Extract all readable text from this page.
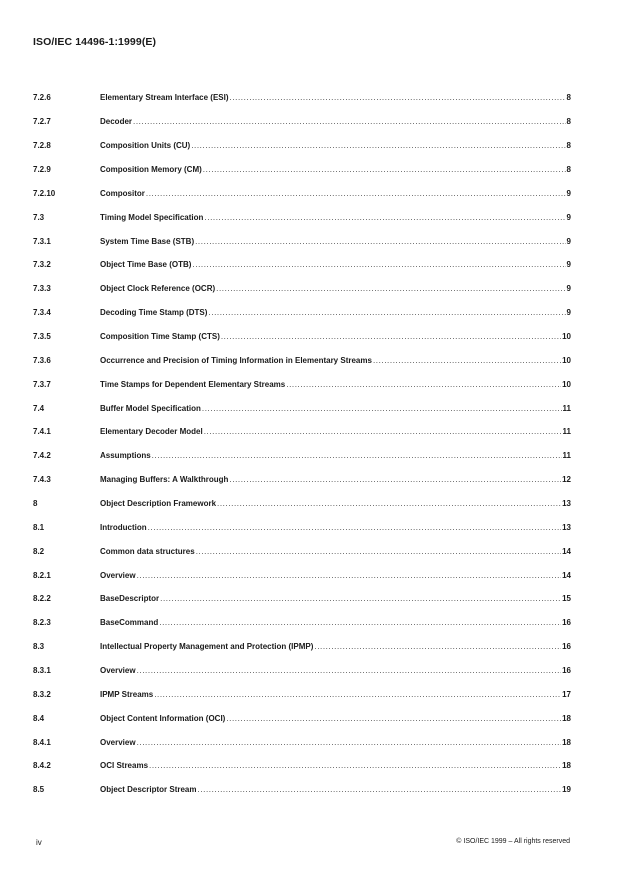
ISO/IEC 14496-1:1999(E)
7.2.6	Elementary Stream Interface (ESI) .....	8
7.2.7	Decoder .....	8
7.2.8	Composition Units (CU) .....	8
7.2.9	Composition Memory (CM) .....	8
7.2.10	Compositor .....	9
7.3	Timing Model Specification .....	9
7.3.1	System Time Base (STB) .....	9
7.3.2	Object Time Base (OTB) .....	9
7.3.3	Object Clock Reference (OCR) .....	9
7.3.4	Decoding Time Stamp (DTS) .....	9
7.3.5	Composition Time Stamp (CTS) .....	10
7.3.6	Occurrence and Precision of Timing Information in Elementary Streams .....	10
7.3.7	Time Stamps for Dependent Elementary Streams .....	10
7.4	Buffer Model Specification .....	11
7.4.1	Elementary Decoder Model .....	11
7.4.2	Assumptions .....	11
7.4.3	Managing Buffers: A Walkthrough .....	12
8	Object Description Framework .....	13
8.1	Introduction .....	13
8.2	Common data structures .....	14
8.2.1	Overview .....	14
8.2.2	BaseDescriptor .....	15
8.2.3	BaseCommand .....	16
8.3	Intellectual Property Management and Protection (IPMP) .....	16
8.3.1	Overview .....	16
8.3.2	IPMP Streams .....	17
8.4	Object Content Information (OCI) .....	18
8.4.1	Overview .....	18
8.4.2	OCI Streams .....	18
8.5	Object Descriptor Stream .....	19
iv	© ISO/IEC 1999 – All rights reserved
